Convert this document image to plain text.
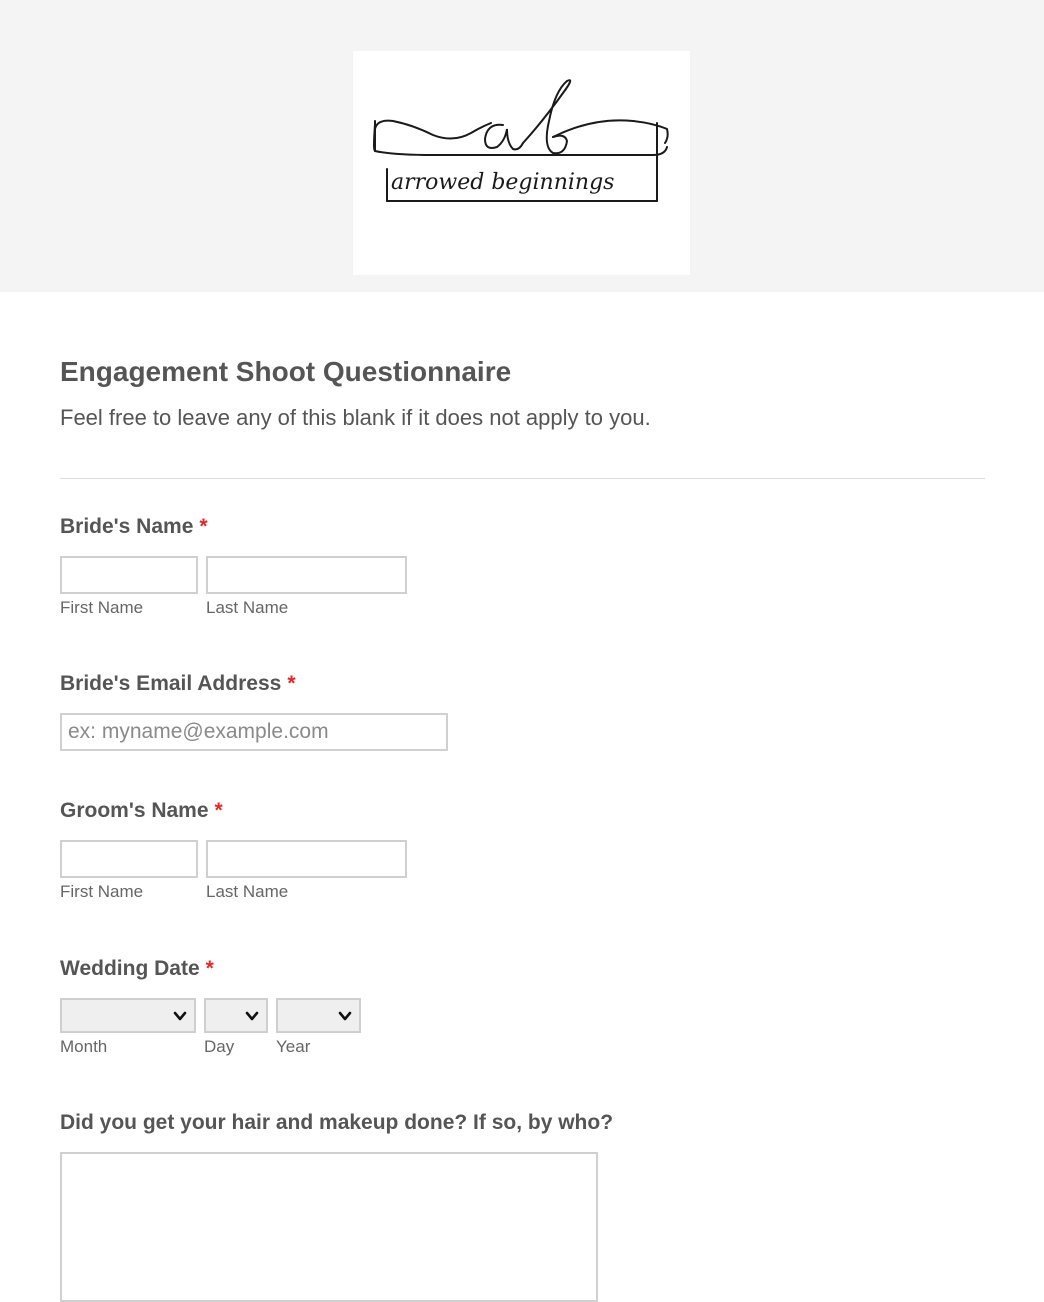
arrowed beginnings
Engagement Shoot Questionnaire

Feel free to leave any of this blank if it does not apply to you.

Bride's Name *
First Name	Last Name
Bride's Email Address *
ex: myname@example.com
Groom's Name *
First Name	Last Name
Wedding Date *
Month	Day Year
Did you get your hair and makeup done? If so, by who?
